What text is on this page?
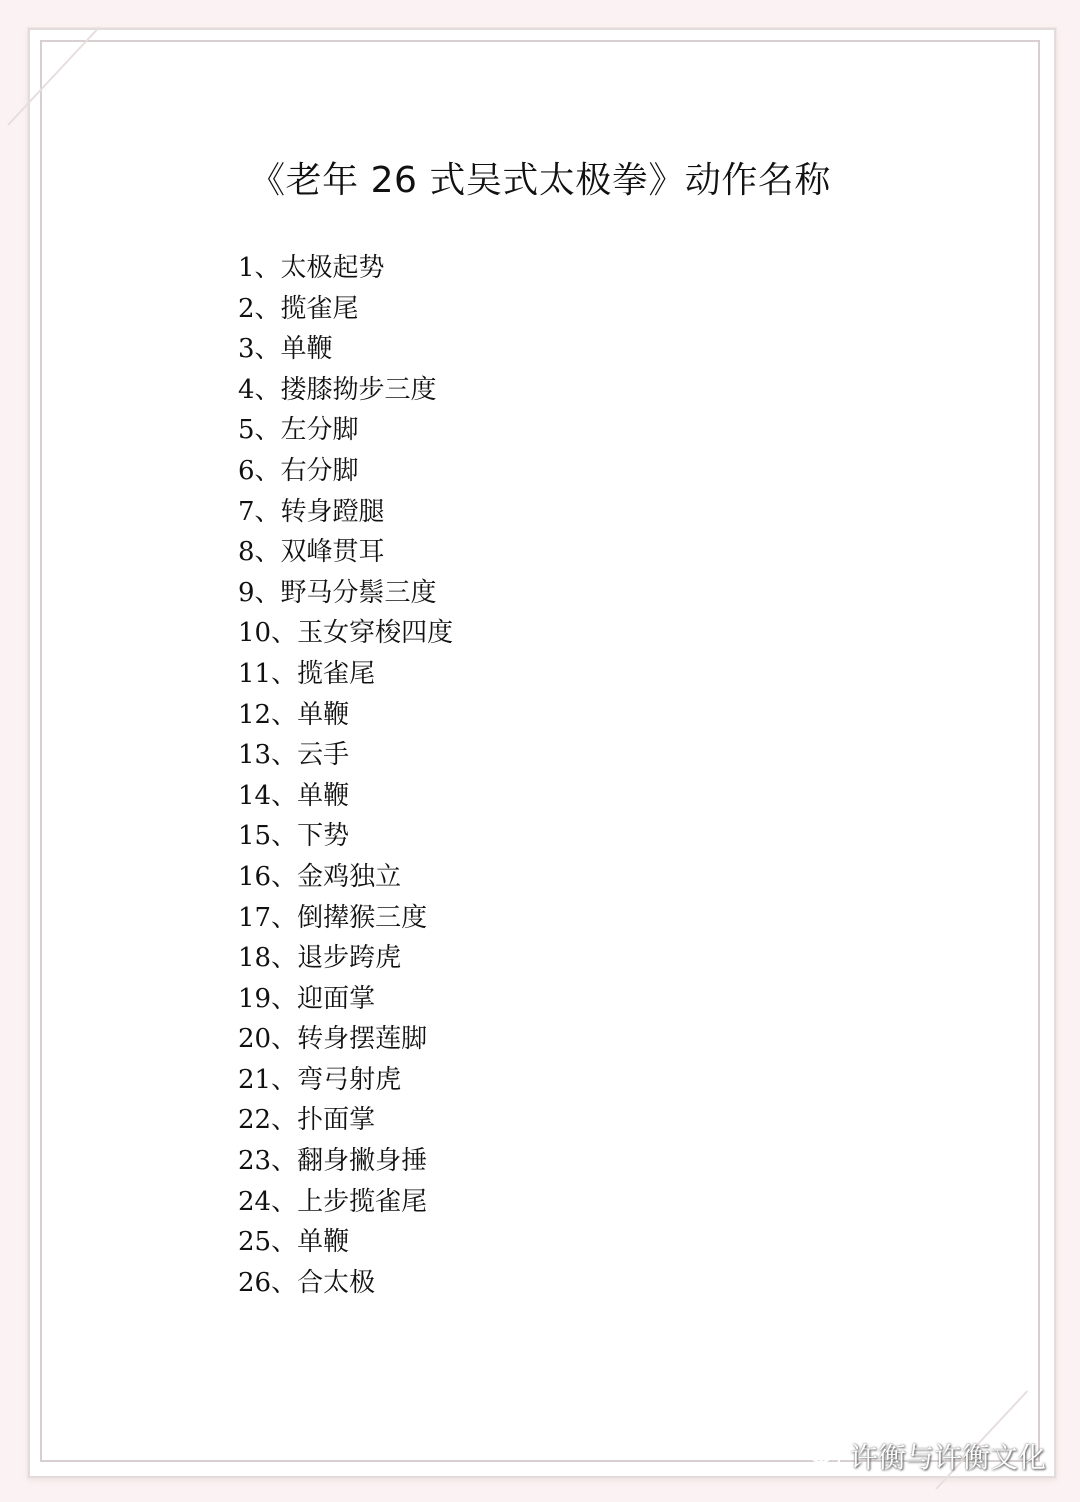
《老年 26 式吴式太极拳》动作名称
1、太极起势
2、揽雀尾
3、单鞭
4、搂膝拗步三度
5、左分脚
6、右分脚
7、转身蹬腿
8、双峰贯耳
9、野马分鬃三度
10、玉女穿梭四度
11、揽雀尾
12、单鞭
13、云手
14、单鞭
15、下势
16、金鸡独立
17、倒撵猴三度
18、退步跨虎
19、迎面掌
20、转身摆莲脚
21、弯弓射虎
22、扑面掌
23、翻身撇身捶
24、上步揽雀尾
25、单鞭
26、合太极
许衡与许衡文化
